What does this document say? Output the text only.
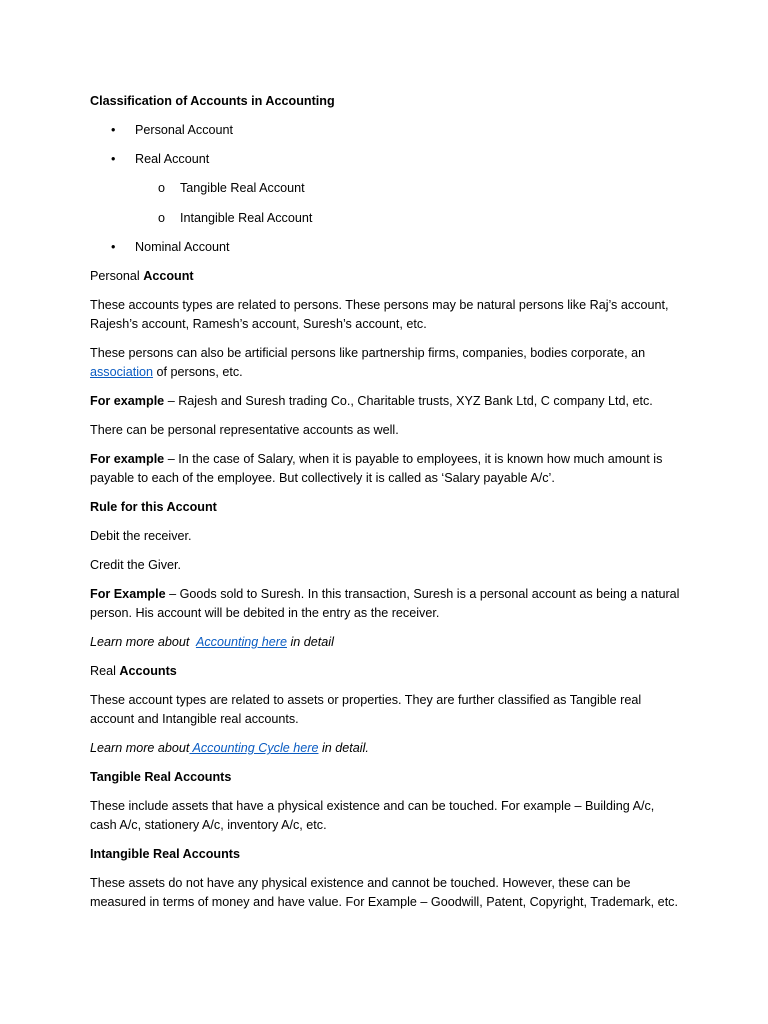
Classification of Accounts in Accounting

• Personal Account
• Real Account
o Tangible Real Account
o Intangible Real Account
• Nominal Account

Personal Account

These accounts types are related to persons. These persons may be natural persons like Raj’s account, Rajesh’s account, Ramesh’s account, Suresh’s account, etc.

These persons can also be artificial persons like partnership firms, companies, bodies corporate, an association of persons, etc.

For example – Rajesh and Suresh trading Co., Charitable trusts, XYZ Bank Ltd, C company Ltd, etc.

There can be personal representative accounts as well.

For example – In the case of Salary, when it is payable to employees, it is known how much amount is payable to each of the employee. But collectively it is called as ‘Salary payable A/c’.

Rule for this Account

Debit the receiver.

Credit the Giver.

For Example – Goods sold to Suresh. In this transaction, Suresh is a personal account as being a natural person. His account will be debited in the entry as the receiver.

Learn more about  Accounting here in detail

Real Accounts

These account types are related to assets or properties. They are further classified as Tangible real account and Intangible real accounts.

Learn more about Accounting Cycle here in detail.

Tangible Real Accounts

These include assets that have a physical existence and can be touched. For example – Building A/c, cash A/c, stationery A/c, inventory A/c, etc.

Intangible Real Accounts

These assets do not have any physical existence and cannot be touched. However, these can be measured in terms of money and have value. For Example – Goodwill, Patent, Copyright, Trademark, etc.
